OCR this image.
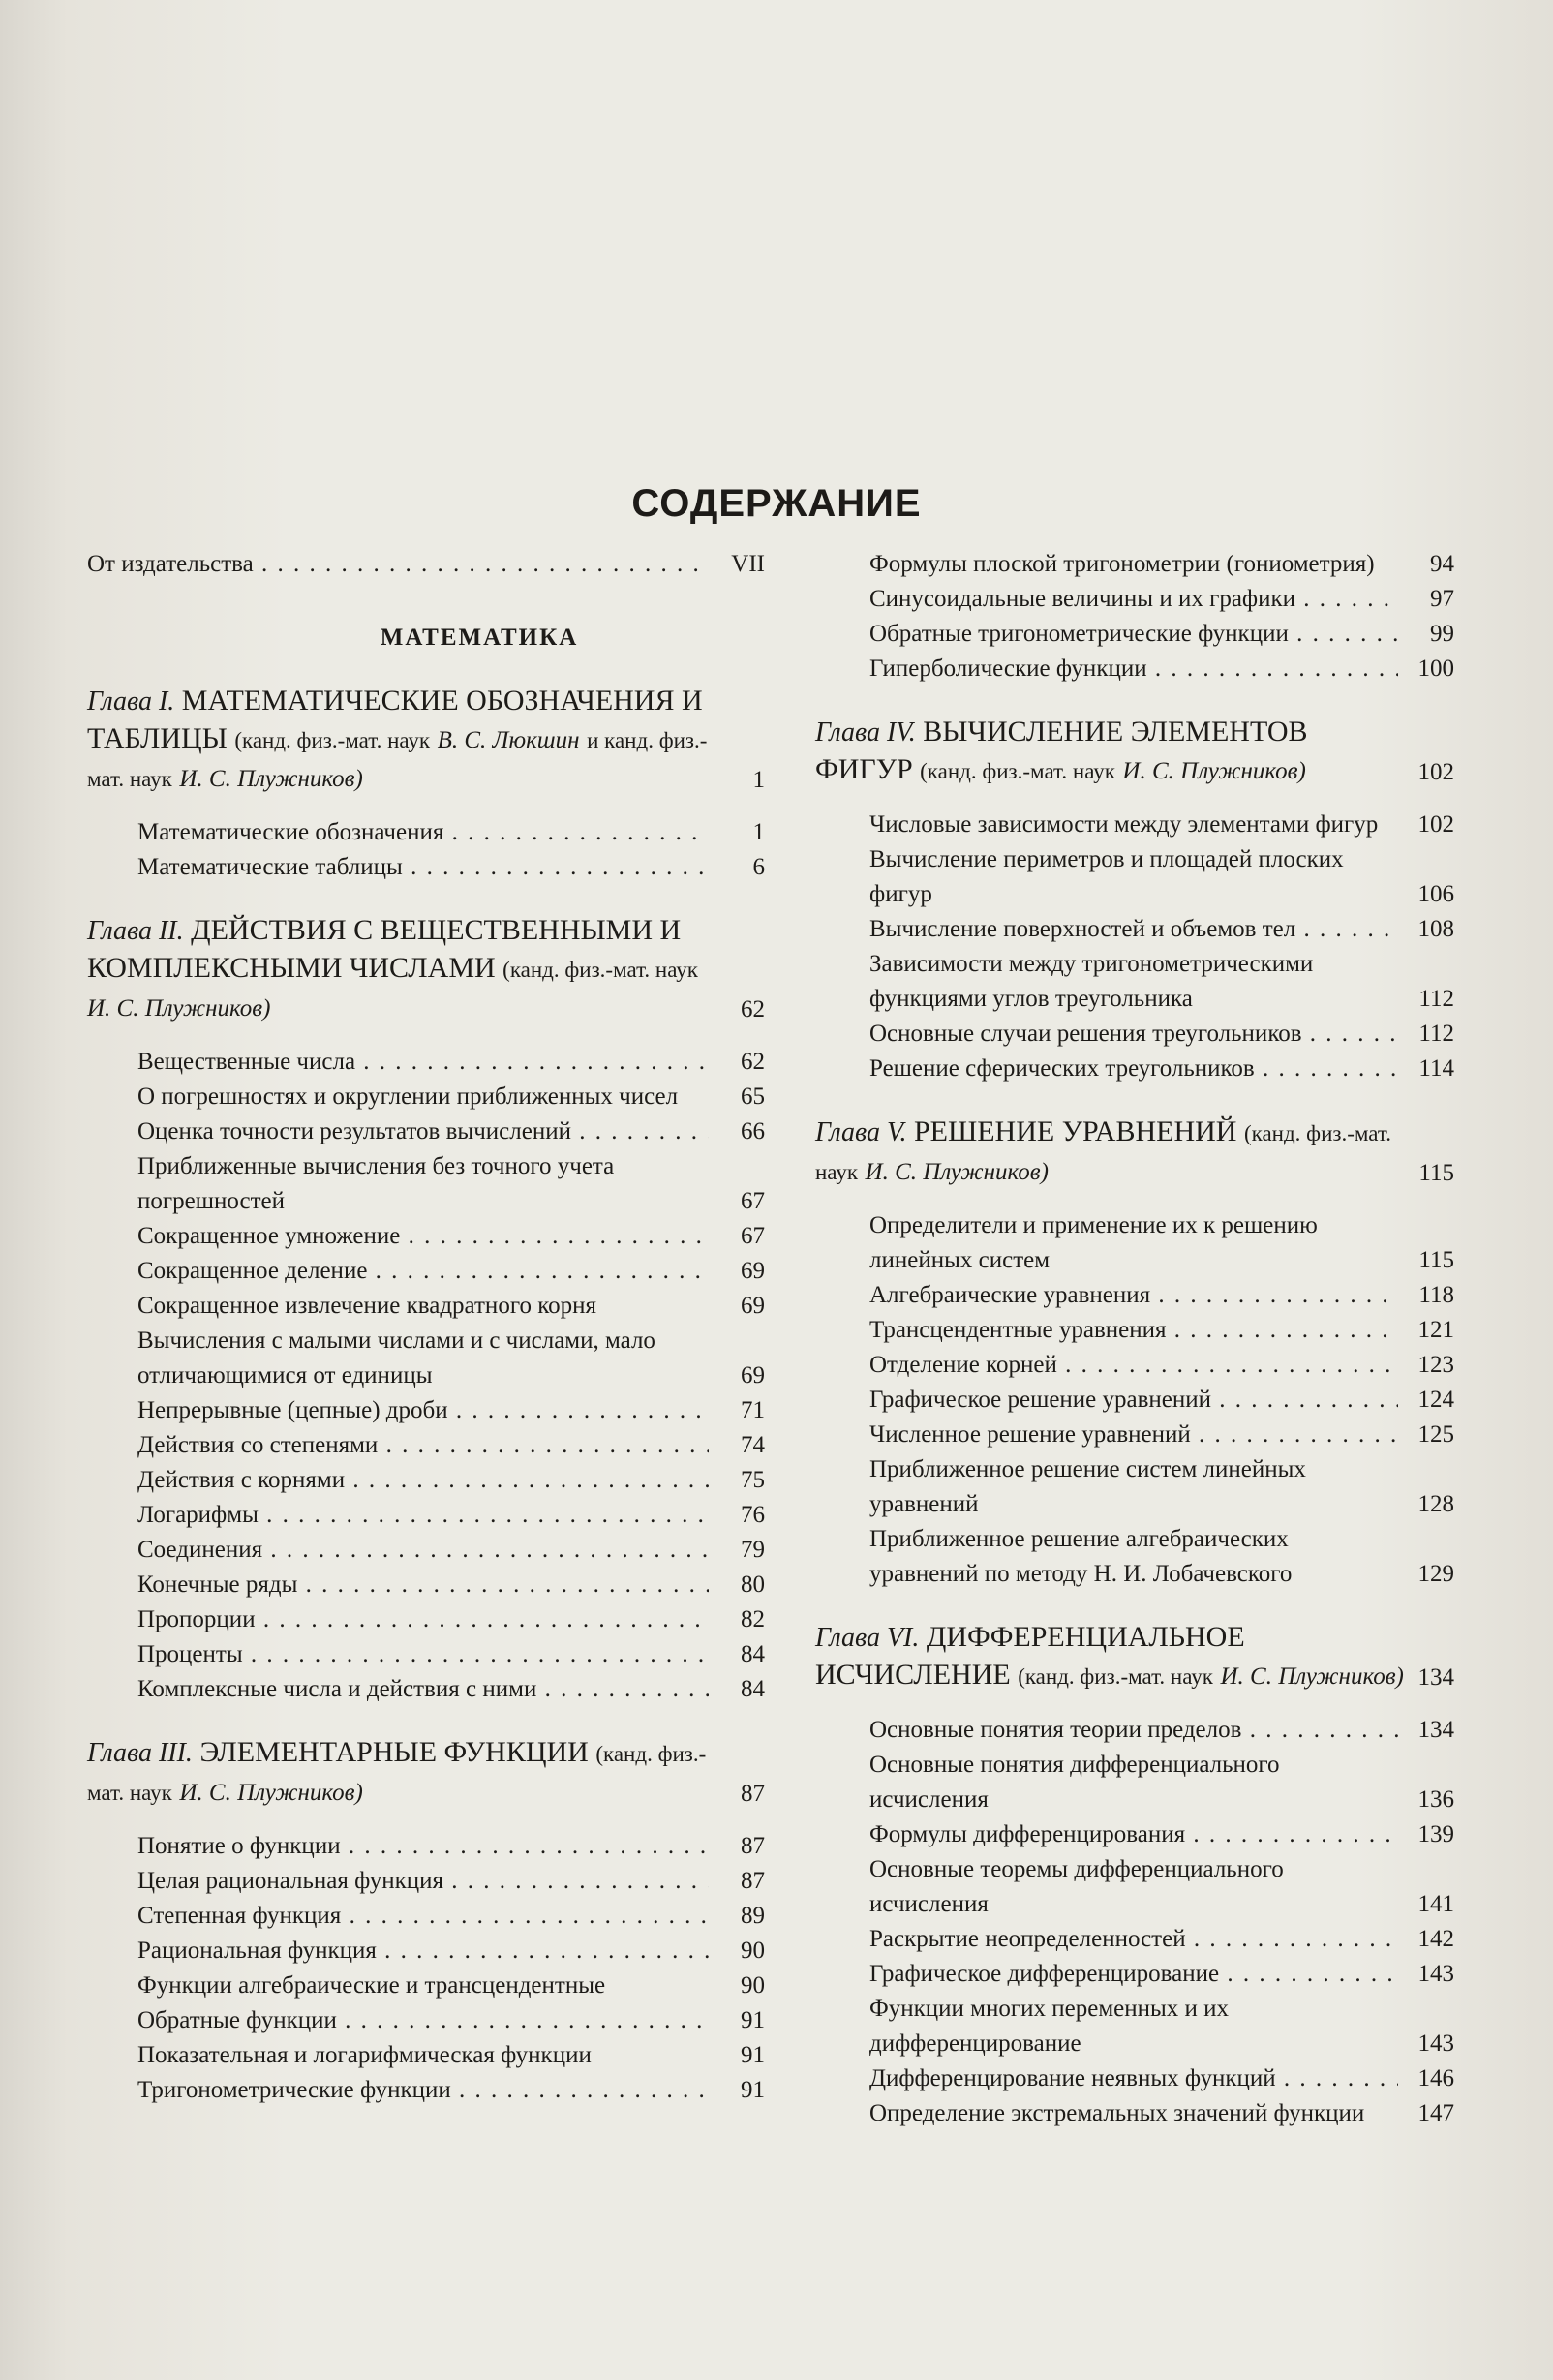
СОДЕРЖАНИЕ
От издательства . . .	VII
МАТЕМАТИКА
Глава I. МАТЕМАТИЧЕСКИЕ ОБОЗНАЧЕНИЯ И ТАБЛИЦЫ (канд. физ.-мат. наук В. С. Люкшин и канд. физ.-мат. наук И. С. Плужников)	1
Математические обозначения . . .	1
Математические таблицы . . .	6
Глава II. ДЕЙСТВИЯ С ВЕЩЕСТВЕННЫМИ И КОМПЛЕКСНЫМИ ЧИСЛАМИ (канд. физ.-мат. наук И. С. Плужников)	62
Вещественные числа . . .	62
О погрешностях и округлении приближенных чисел	65
Оценка точности результатов вычислений . . .	66
Приближенные вычисления без точного учета погрешностей	67
Сокращенное умножение . . .	67
Сокращенное деление . . .	69
Сокращенное извлечение квадратного корня	69
Вычисления с малыми числами и с числами, мало отличающимися от единицы	69
Непрерывные (цепные) дроби . . .	71
Действия со степенями . . .	74
Действия с корнями . . .	75
Логарифмы . . .	76
Соединения . . .	79
Конечные ряды . . .	80
Пропорции . . .	82
Проценты . . .	84
Комплексные числа и действия с ними . . .	84
Глава III. ЭЛЕМЕНТАРНЫЕ ФУНКЦИИ (канд. физ.-мат. наук И. С. Плужников)	87
Понятие о функции . . .	87
Целая рациональная функция . . .	87
Степенная функция . . .	89
Рациональная функция . . .	90
Функции алгебраические и трансцендентные	90
Обратные функции . . .	91
Показательная и логарифмическая функции	91
Тригонометрические функции . . .	91
Формулы плоской тригонометрии (гониометрия)	94
Синусоидальные величины и их графики . . .	97
Обратные тригонометрические функции . . .	99
Гиперболические функции . . .	100
Глава IV. ВЫЧИСЛЕНИЕ ЭЛЕМЕНТОВ ФИГУР (канд. физ.-мат. наук И. С. Плужников)	102
Числовые зависимости между элементами фигур	102
Вычисление периметров и площадей плоских фигур	106
Вычисление поверхностей и объемов тел . . .	108
Зависимости между тригонометрическими функциями углов треугольника	112
Основные случаи решения треугольников . . .	112
Решение сферических треугольников . . .	114
Глава V. РЕШЕНИЕ УРАВНЕНИЙ (канд. физ.-мат. наук И. С. Плужников)	115
Определители и применение их к решению линейных систем	115
Алгебраические уравнения . . .	118
Трансцендентные уравнения . . .	121
Отделение корней . . .	123
Графическое решение уравнений . . .	124
Численное решение уравнений . . .	125
Приближенное решение систем линейных уравнений	128
Приближенное решение алгебраических уравнений по методу Н. И. Лобачевского	129
Глава VI. ДИФФЕРЕНЦИАЛЬНОЕ ИСЧИСЛЕНИЕ (канд. физ.-мат. наук И. С. Плужников) 134
Основные понятия теории пределов . . .	134
Основные понятия дифференциального исчисления	136
Формулы дифференцирования . . .	139
Основные теоремы дифференциального исчисления	141
Раскрытие неопределенностей . . .	142
Графическое дифференцирование . . .	143
Функции многих переменных и их дифференцирование	143
Дифференцирование неявных функций . . .	146
Определение экстремальных значений функции	147
